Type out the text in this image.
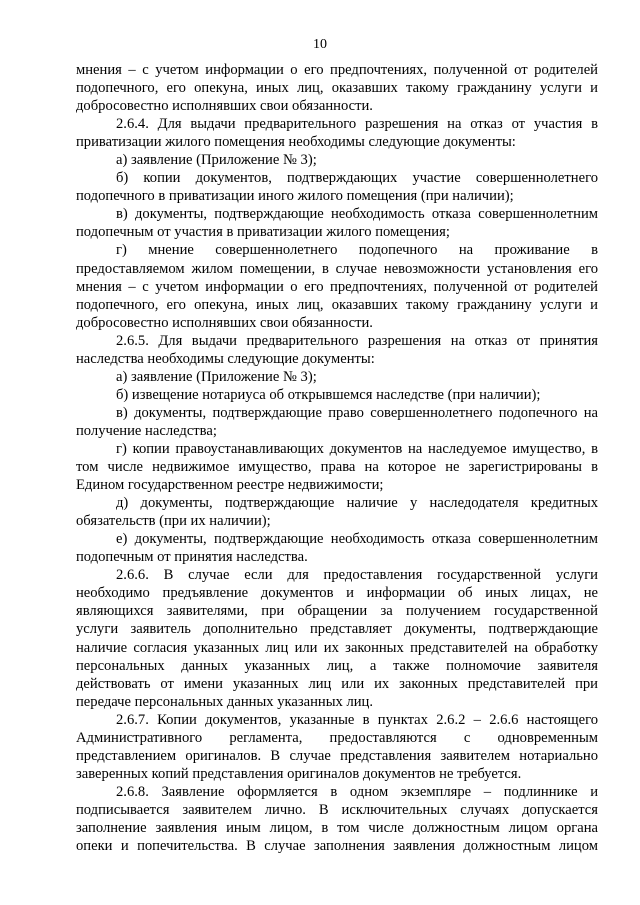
10
мнения – с учетом информации о его предпочтениях, полученной от родителей
подопечного, его опекуна, иных лиц, оказавших такому гражданину услуги и
добросовестно исполнявших свои обязанности.
2.6.4. Для выдачи предварительного разрешения на отказ от участия в
приватизации жилого помещения необходимы следующие документы:
а) заявление (Приложение № 3);
б) копии документов, подтверждающих участие совершеннолетнего
подопечного в приватизации иного жилого помещения (при наличии);
в) документы, подтверждающие необходимость отказа совершеннолетним
подопечным от участия в приватизации жилого помещения;
г) мнение совершеннолетнего подопечного на проживание в
предоставляемом жилом помещении, в случае невозможности установления его
мнения – с учетом информации о его предпочтениях, полученной от родителей
подопечного, его опекуна, иных лиц, оказавших такому гражданину услуги и
добросовестно исполнявших свои обязанности.
2.6.5. Для выдачи предварительного разрешения на отказ от принятия
наследства необходимы следующие документы:
а) заявление (Приложение № 3);
б) извещение нотариуса об открывшемся наследстве (при наличии);
в) документы, подтверждающие право совершеннолетнего подопечного на
получение наследства;
г) копии правоустанавливающих документов на наследуемое имущество, в
том числе недвижимое имущество, права на которое не зарегистрированы в
Едином государственном реестре недвижимости;
д) документы, подтверждающие наличие у наследодателя кредитных
обязательств (при их наличии);
е) документы, подтверждающие необходимость отказа совершеннолетним
подопечным от принятия наследства.
2.6.6. В случае если для предоставления государственной услуги
необходимо предъявление документов и информации об иных лицах, не
являющихся заявителями, при обращении за получением государственной
услуги заявитель дополнительно представляет документы, подтверждающие
наличие согласия указанных лиц или их законных представителей на обработку
персональных данных указанных лиц, а также полномочие заявителя
действовать от имени указанных лиц или их законных представителей при
передаче персональных данных указанных лиц.
2.6.7. Копии документов, указанные в пунктах 2.6.2 – 2.6.6 настоящего
Административного регламента, предоставляются с одновременным
представлением оригиналов. В случае представления заявителем нотариально
заверенных копий представления оригиналов документов не требуется.
2.6.8. Заявление оформляется в одном экземпляре – подлиннике и
подписывается заявителем лично. В исключительных случаях допускается
заполнение заявления иным лицом, в том числе должностным лицом органа
опеки и попечительства. В случае заполнения заявления должностным лицом
